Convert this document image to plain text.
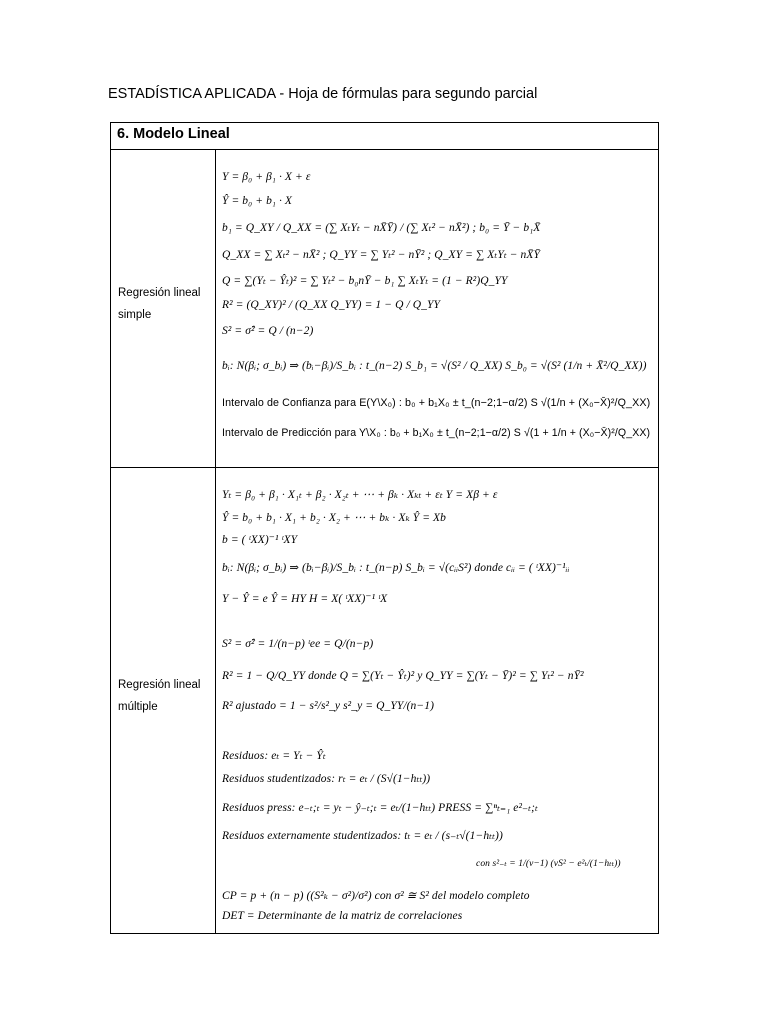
ESTADÍSTICA APLICADA - Hoja de fórmulas para segundo parcial
6. Modelo Lineal
Regresión lineal
simple
Y = β₀ + β₁ · X + ε
Ŷ = b₀ + b₁ · X
b₁ = Q_XY / Q_XX = (∑ XₜYₜ − nX̄Ȳ) / (∑ Xₜ² − nX̄²) ; b₀ = Ȳ − b₁X̄
Q_XX = ∑ Xₜ² − nX̄² ; Q_YY = ∑ Yₜ² − nȲ² ; Q_XY = ∑ XₜYₜ − nX̄Ȳ
Q = ∑(Yₜ − Ŷₜ)² = ∑ Yₜ² − b₀nȲ − b₁ ∑ XₜYₜ = (1 − R²)Q_YY
R² = (Q_XY)² / (Q_XX Q_YY) = 1 − Q / Q_YY
S² = σ̂² = Q / (n−2)
bᵢ: N(βᵢ; σ_bᵢ) ⇒ (bᵢ−βᵢ)/S_bᵢ : t_(n−2) S_b₁ = √(S² / Q_XX) S_b₀ = √(S² (1/n + X̄²/Q_XX))
Intervalo de Confianza para E(Y\X₀) : b₀ + b₁X₀ ± t_(n−2;1−α/2) S √(1/n + (X₀−X̄)²/Q_XX)
Intervalo de Predicción para Y\X₀ : b₀ + b₁X₀ ± t_(n−2;1−α/2) S √(1 + 1/n + (X₀−X̄)²/Q_XX)
Regresión lineal
múltiple
Yₜ = β₀ + β₁ · X₁ₜ + β₂ · X₂ₜ + ⋯ + βₖ · Xₖₜ + εₜ Y = Xβ + ε
Ŷ = b₀ + b₁ · X₁ + b₂ · X₂ + ⋯ + bₖ · Xₖ Ŷ = Xb
b = ( ᵗXX)⁻¹ ᵗXY
bᵢ: N(βᵢ; σ_bᵢ) ⇒ (bᵢ−βᵢ)/S_bᵢ : t_(n−p) S_bᵢ = √(cᵢᵢS²) donde cᵢᵢ = ( ᵗXX)⁻¹ᵢᵢ
Y − Ŷ = e Ŷ = HY H = X( ᵗXX)⁻¹ ᵗX
S² = σ̂² = 1/(n−p) ᵗee = Q/(n−p)
R² = 1 − Q/Q_YY donde Q = ∑(Yₜ − Ŷₜ)² y Q_YY = ∑(Yₜ − Ȳ)² = ∑ Yₜ² − nȲ²
R² ajustado = 1 − s²/s²_y s²_y = Q_YY/(n−1)
Residuos: eₜ = Yₜ − Ŷₜ
Residuos studentizados: rₜ = eₜ / (S√(1−hₜₜ))
Residuos press: e₋ₜ;ₜ = yₜ − ŷ₋ₜ;ₜ = eₜ/(1−hₜₜ) PRESS = ∑ⁿₜ₌₁ e²₋ₜ;ₜ
Residuos externamente studentizados: tₜ = eₜ / (s₋ₜ√(1−hₜₜ))
con s²₋ₜ = 1/(ν−1) (νS² − e²ₜ/(1−hₜₜ))
CP = p + (n − p) ((S²ₖ − σ²)/σ²) con σ² ≅ S² del modelo completo
DET = Determinante de la matriz de correlaciones
